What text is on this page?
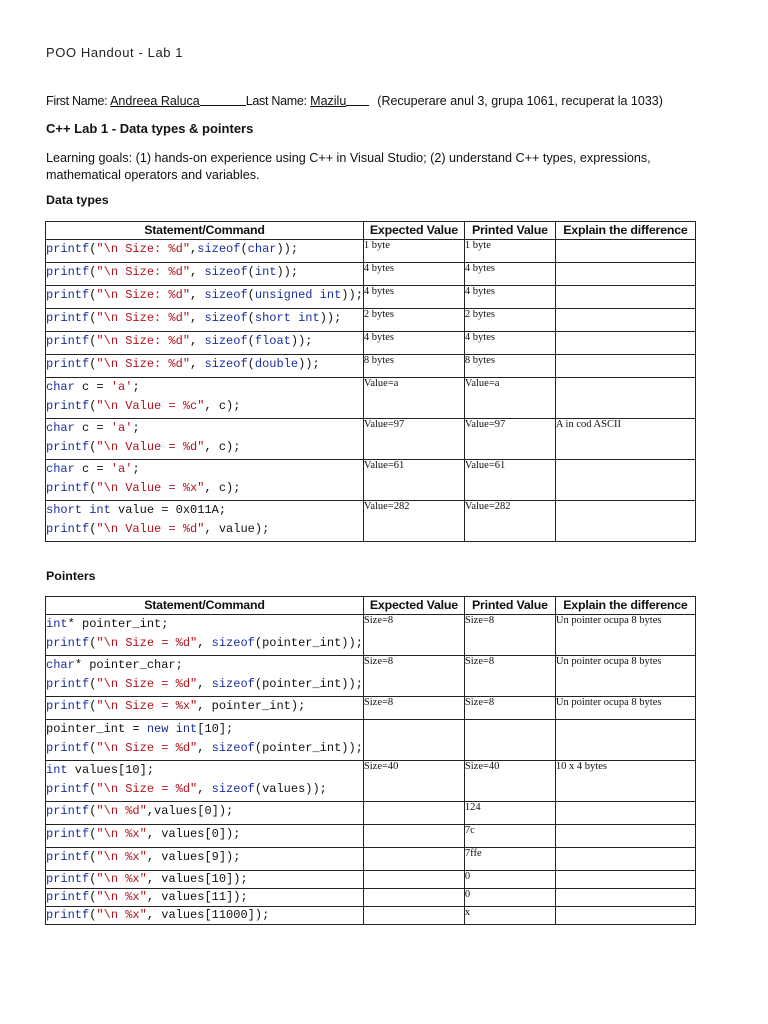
POO Handout - Lab 1
First Name: Andreea Raluca	Last Name: Mazilu (Recuperare anul 3, grupa 1061, recuperat la 1033)
C++ Lab 1 - Data types & pointers
Learning goals: (1) hands-on experience using C++ in Visual Studio; (2) understand C++ types, expressions, mathematical operators and variables.
Data types
Statement/Command	Expected Value	Printed Value	Explain the difference

printf("\n Size: %d",sizeof(char));	1 byte	1 byte	

printf("\n Size: %d", sizeof(int));	4 bytes	4 bytes	

printf("\n Size: %d", sizeof(unsigned int));	4 bytes	4 bytes	

printf("\n Size: %d", sizeof(short int));	2 bytes	2 bytes	

printf("\n Size: %d", sizeof(float));	4 bytes	4 bytes	

printf("\n Size: %d", sizeof(double));	8 bytes	8 bytes	

char c = 'a';
printf("\n Value = %c", c);	Value=a	Value=a	

char c = 'a';
printf("\n Value = %d", c);	Value=97	Value=97	A in cod ASCII

char c = 'a';
printf("\n Value = %x", c);	Value=61	Value=61	

short int value = 0x011A;
printf("\n Value = %d", value);	Value=282	Value=282	
Pointers
Statement/Command	Expected Value	Printed Value	Explain the difference

int* pointer_int;
printf("\n Size = %d", sizeof(pointer_int));	Size=8	Size=8	Un pointer ocupa 8 bytes

char* pointer_char;
printf("\n Size = %d", sizeof(pointer_int));	Size=8	Size=8	Un pointer ocupa 8 bytes

printf("\n Size = %x", pointer_int);	Size=8	Size=8	Un pointer ocupa 8 bytes

pointer_int = new int[10];
printf("\n Size = %d", sizeof(pointer_int));			

int values[10];
printf("\n Size = %d", sizeof(values));	Size=40	Size=40	10 x 4 bytes

printf("\n %d",values[0]);		124	

printf("\n %x", values[0]);		7c	

printf("\n %x", values[9]);		7ffe	

printf("\n %x", values[10]);		0	

printf("\n %x", values[11]);		0	

printf("\n %x", values[11000]);		x	
